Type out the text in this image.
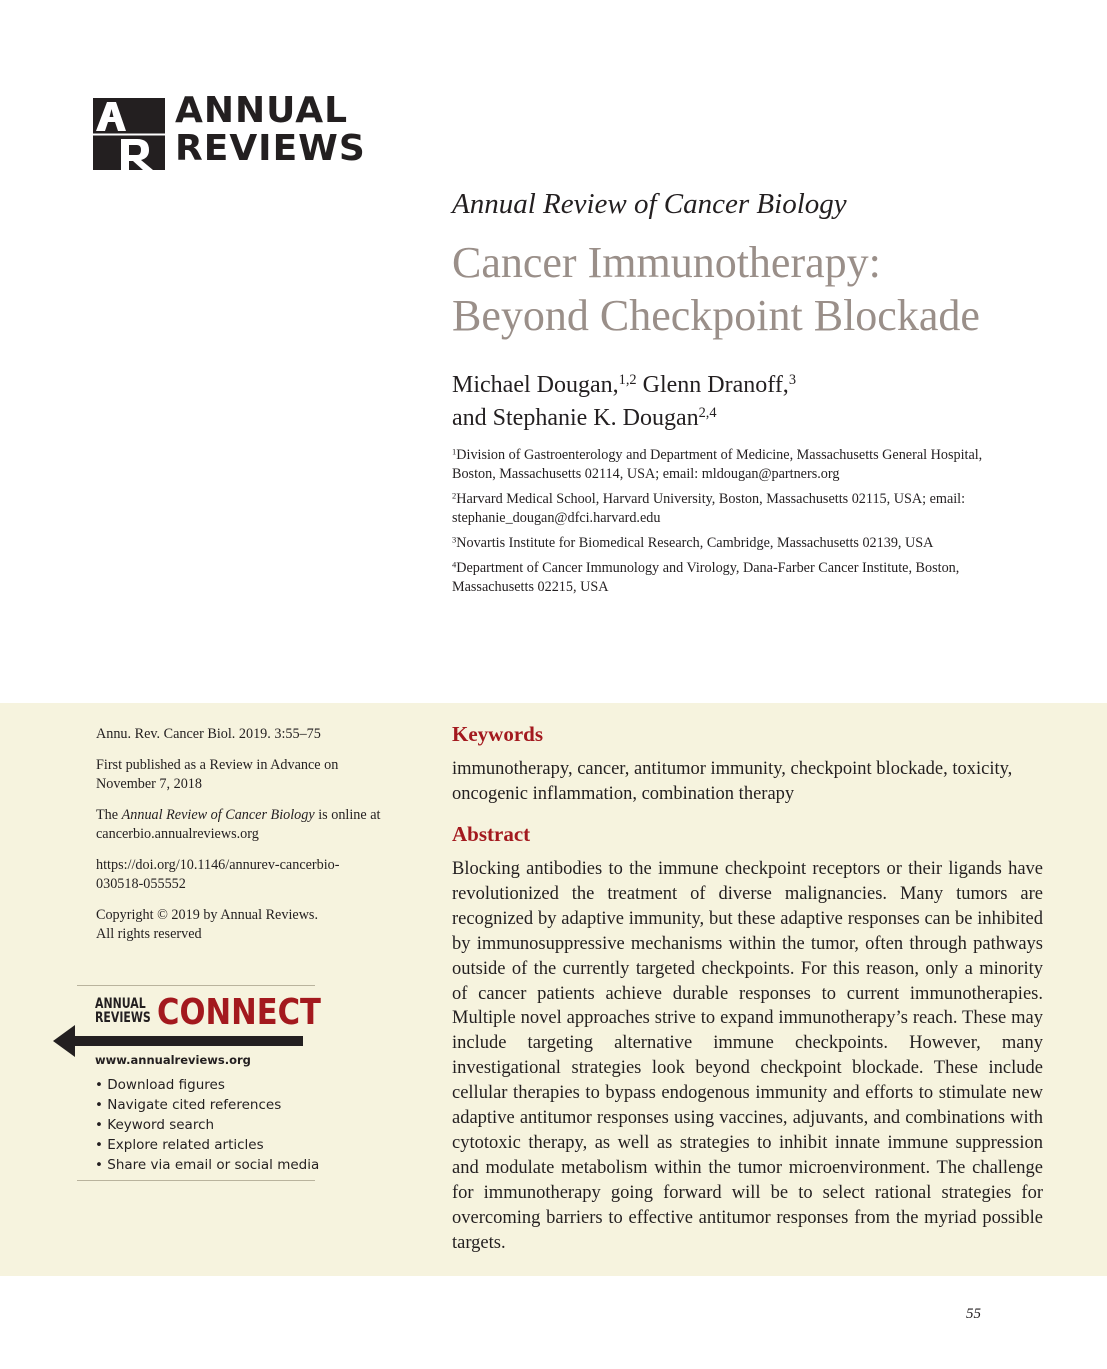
ANNUAL
REVIEWS
Annual Review of Cancer Biology
Cancer Immunotherapy:
Beyond Checkpoint Blockade
Michael Dougan,$^{1,2}$ Glenn Dranoff,$^3$
and Stephanie K. Dougan$^{2,4}$
$^1$Division of Gastroenterology and Department of Medicine, Massachusetts General Hospital, Boston, Massachusetts 02114, USA; email: mldougan@partners.org
$^2$Harvard Medical School, Harvard University, Boston, Massachusetts 02115, USA; email: stephanie_dougan@dfci.harvard.edu
$^3$Novartis Institute for Biomedical Research, Cambridge, Massachusetts 02139, USA
$^4$Department of Cancer Immunology and Virology, Dana-Farber Cancer Institute, Boston, Massachusetts 02215, USA

Annu. Rev. Cancer Biol. 2019. 3:55–75

First published as a Review in Advance on
November 7, 2018

The Annual Review of Cancer Biology is online at
cancerbio.annualreviews.org

https://doi.org/10.1146/annurev-cancerbio-
030518-055552

Copyright © 2019 by Annual Reviews.
All rights reserved

ANNUAL
REVIEWS CONNECT
www.annualreviews.org
• Download figures
• Navigate cited references
• Keyword search
• Explore related articles
• Share via email or social media
Keywords
immunotherapy, cancer, antitumor immunity, checkpoint blockade, toxicity, oncogenic inflammation, combination therapy
Abstract
Blocking antibodies to the immune checkpoint receptors or their ligands have revolutionized the treatment of diverse malignancies. Many tumors are recognized by adaptive immunity, but these adaptive responses can be inhibited by immunosuppressive mechanisms within the tumor, often through pathways outside of the currently targeted checkpoints. For this reason, only a minority of cancer patients achieve durable responses to current immunotherapies. Multiple novel approaches strive to expand immunotherapy’s reach. These may include targeting alternative immune checkpoints. However, many investigational strategies look beyond checkpoint blockade. These include cellular therapies to bypass endogenous immunity and efforts to stimulate new adaptive antitumor responses using vaccines, adjuvants, and combinations with cytotoxic therapy, as well as strategies to inhibit innate immune suppression and modulate metabolism within the tumor microenvironment. The challenge for immunotherapy going forward will be to select rational strategies for overcoming barriers to effective antitumor responses from the myriad possible targets.
55
